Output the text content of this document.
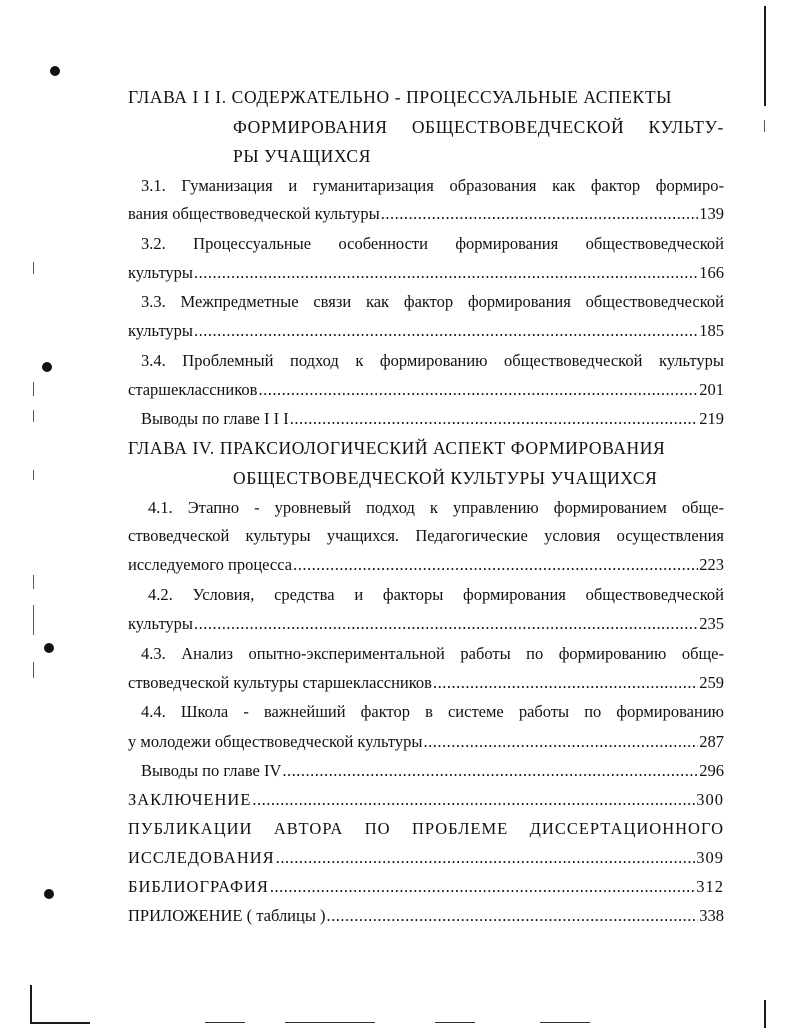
ГЛАВА I I I. СОДЕРЖАТЕЛЬНО - ПРОЦЕССУАЛЬНЫЕ АСПЕКТЫ
ФОРМИРОВАНИЯ ОБЩЕСТВОВЕДЧЕСКОЙ КУЛЬТУ-
РЫ УЧАЩИХСЯ
3.1. Гуманизация и гуманитаризация образования как фактор формиро-
вания обществоведческой культуры .....	139
3.2. Процессуальные особенности формирования обществоведческой
культуры .....	166
3.3. Межпредметные связи как фактор формирования обществоведческой
культуры .....	185
3.4. Проблемный подход к формированию обществоведческой культуры
старшеклассников .....	201
Выводы по главе I I I .....	219
ГЛАВА IV. ПРАКСИОЛОГИЧЕСКИЙ АСПЕКТ ФОРМИРОВАНИЯ
ОБЩЕСТВОВЕДЧЕСКОЙ КУЛЬТУРЫ УЧАЩИХСЯ
4.1. Этапно - уровневый подход к управлению формированием обще-
ствоведческой культуры учащихся. Педагогические условия осуществления
исследуемого процесса .....	223
4.2. Условия, средства и факторы формирования обществоведческой
культуры .....	235
4.3. Анализ опытно-экспериментальной работы по формированию обще-
ствоведческой культуры старшеклассников .....	259
4.4. Школа - важнейший фактор в системе работы по формированию
у молодежи обществоведческой культуры .....	287
Выводы по главе IV .....	296
ЗАКЛЮЧЕНИЕ .....	300
ПУБЛИКАЦИИ АВТОРА ПО ПРОБЛЕМЕ ДИССЕРТАЦИОННОГО
ИССЛЕДОВАНИЯ .....	309
БИБЛИОГРАФИЯ .....	312
ПРИЛОЖЕНИЕ ( таблицы ) .....	338
